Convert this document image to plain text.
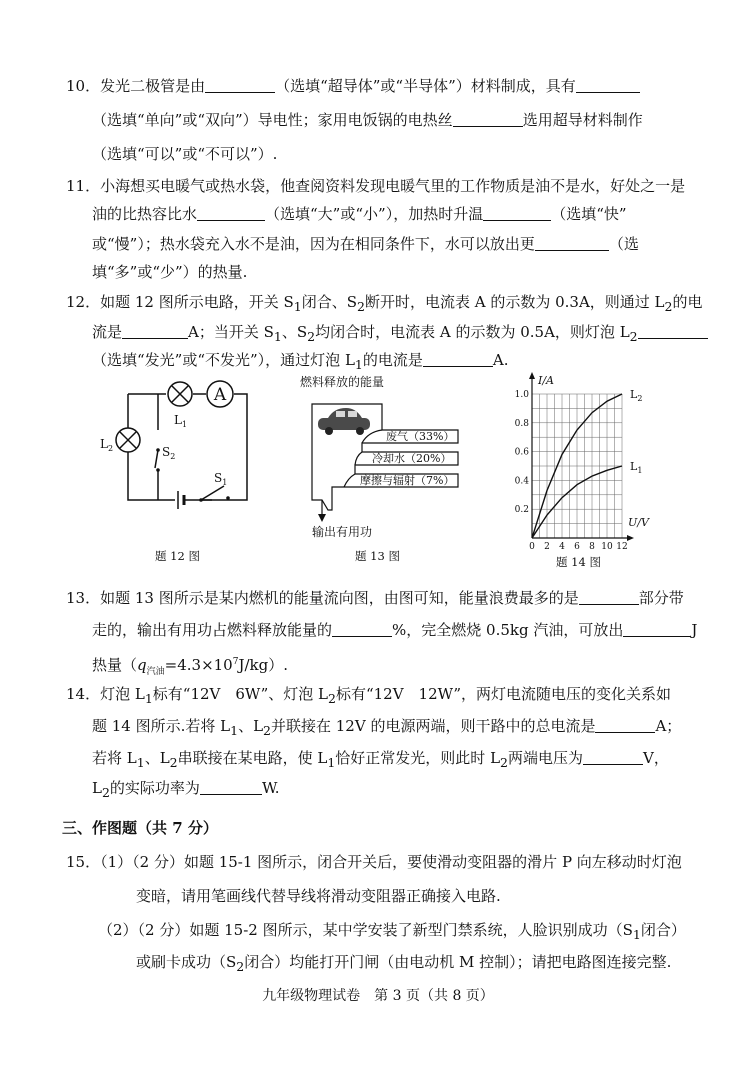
10．发光二极管是由	（选填“超导体”或“半导体”）材料制成，具有
（选填“单向”或“双向”）导电性；家用电饭锅的电热丝	选用超导材料制作
（选填“可以”或“不可以”）.
11．小海想买电暖气或热水袋，他查阅资料发现电暖气里的工作物质是油不是水，好处之一是
油的比热容比水	（选填“大”或“小”），加热时升温	（选填“快”
或“慢”）；热水袋充入水不是油，因为在相同条件下，水可以放出更	（选
填“多”或“少”）的热量.
12．如题 12 图所示电路，开关 $S_1$闭合、$S_2$断开时，电流表 A 的示数为 0.3A，则通过 $L_2$的电
流是	A；当开关 $S_1$、$S_2$均闭合时，电流表 A 的示数为 0.5A，则灯泡 $L_2$
（选填“发光”或“不发光”），通过灯泡 $L_1$的电流是	A.
A
$L_1$
$L_2$	$S_2$
$S_1$
题 12 图
燃料释放的能量
废气（33%）
冷却水（20%）
摩擦与辐射（7%）
输出有用功
题 13 图
I/A
U/V
0 2 4 6 8 10 12
0.2
0.4
0.6
0.8
1.0	$L_2$
$L_1$
题 14 图
13．如题 13 图所示是某内燃机的能量流向图，由图可知，能量浪费最多的是	部分带
走的，输出有用功占燃料释放能量的	%，完全燃烧 0.5kg 汽油，可放出	J
热量$(q_{汽油}=4.3\times 10^7J/kg)$.
14．灯泡 $L_1$标有“12V　6W”、灯泡 $L_2$标有“12V　12W”，两灯电流随电压的变化关系如
题 14 图所示.若将 $L_1$、$L_2$并联接在 12V 的电源两端，则干路中的总电流是	A；
若将 $L_1$、$L_2$串联接在某电路，使 $L_1$恰好正常发光，则此时 $L_2$两端电压为	V，
$L_2$的实际功率为	W.
三、作图题（共 7 分）
15．（1）（2 分）如题 15-1 图所示，闭合开关后，要使滑动变阻器的滑片 P 向左移动时灯泡
变暗，请用笔画线代替导线将滑动变阻器正确接入电路.
（2）（2 分）如题 15-2 图所示，某中学安装了新型门禁系统，人脸识别成功（$S_1$闭合）
或刷卡成功（$S_2$闭合）均能打开门闸（由电动机 M 控制）；请把电路图连接完整.
九年级物理试卷　第 3 页（共 8 页）
